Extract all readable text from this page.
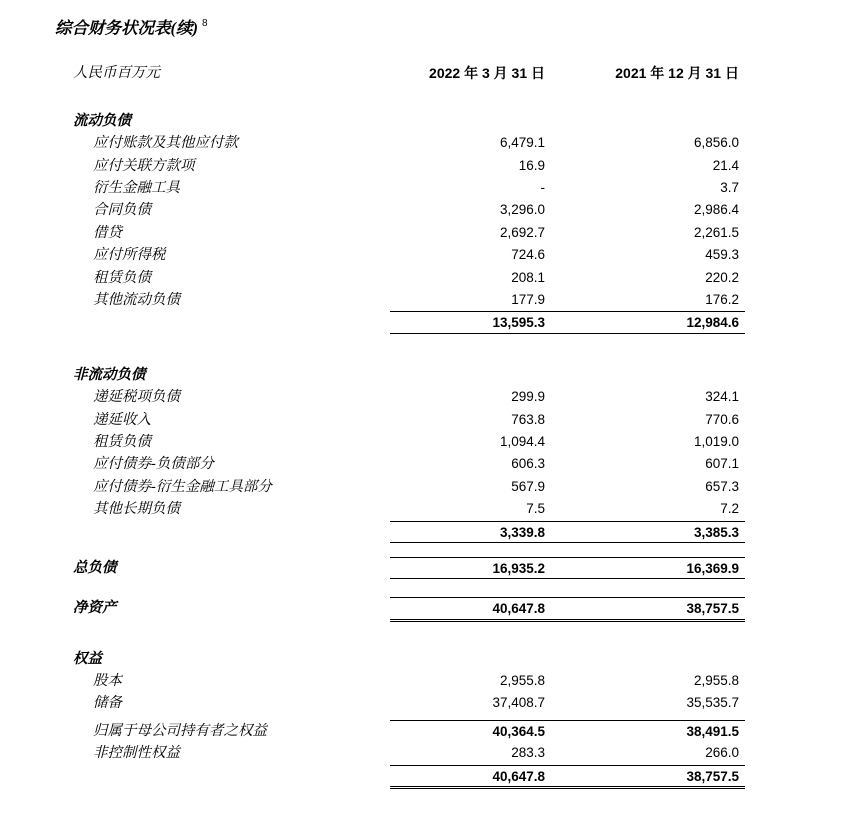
综合财务状况表(续) $^8$
人民币百万元	2022 年 3 月 31 日	2021 年 12 月 31 日
流动负债
应付账款及其他应付款	6,479.1	6,856.0
应付关联方款项	16.9	21.4
衍生金融工具	-	3.7
合同负债	3,296.0	2,986.4
借贷	2,692.7	2,261.5
应付所得税	724.6	459.3
租赁负债	208.1	220.2
其他流动负债	177.9	176.2
13,595.3	12,984.6
非流动负债
递延税项负债	299.9	324.1
递延收入	763.8	770.6
租赁负债	1,094.4	1,019.0
应付债券-负债部分	606.3	607.1
应付债券-衍生金融工具部分	567.9	657.3
其他长期负债	7.5	7.2
3,339.8	3,385.3
总负债	16,935.2	16,369.9
净资产	40,647.8	38,757.5
权益
股本	2,955.8	2,955.8
储备	37,408.7	35,535.7
归属于母公司持有者之权益	40,364.5	38,491.5
非控制性权益	283.3	266.0
40,647.8	38,757.5
